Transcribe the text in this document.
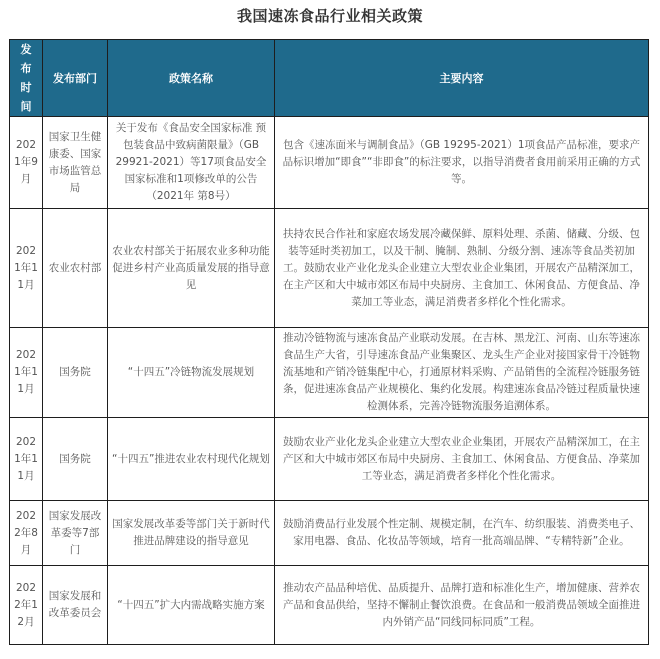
我国速冻食品行业相关政策
发布时间	发布部门	政策名称	主要内容
2021年9月	国家卫生健康委、国家市场监管总局	关于发布《食品安全国家标准 预包装食品中致病菌限量》（GB 29921-2021）等17项食品安全国家标准和1项修改单的公告（2021年 第8号）	包含《速冻面米与调制食品》（GB 19295-2021）1项食品产品标准，要求产品标识增加“即食”“非即食”的标注要求，以指导消费者食用前采用正确的方式等。
2021年11月	农业农村部	农业农村部关于拓展农业多种功能 促进乡村产业高质量发展的指导意见	扶持农民合作社和家庭农场发展冷藏保鲜、原料处理、杀菌、储藏、分级、包装等延时类初加工，以及干制、腌制、熟制、分级分割、速冻等食品类初加工。鼓励农业产业化龙头企业建立大型农业企业集团，开展农产品精深加工，在主产区和大中城市郊区布局中央厨房、主食加工、休闲食品、方便食品、净菜加工等业态，满足消费者多样化个性化需求。
2021年11月	国务院	“十四五”冷链物流发展规划	推动冷链物流与速冻食品产业联动发展。在吉林、黑龙江、河南、山东等速冻食品生产大省，引导速冻食品产业集聚区、龙头生产企业对接国家骨干冷链物流基地和产销冷链集配中心，打通原材料采购、产品销售的全流程冷链服务链条，促进速冻食品产业规模化、集约化发展。构建速冻食品冷链过程质量快速检测体系，完善冷链物流服务追溯体系。
2021年11月	国务院	“十四五”推进农业农村现代化规划	鼓励农业产业化龙头企业建立大型农业企业集团，开展农产品精深加工，在主产区和大中城市郊区布局中央厨房、主食加工、休闲食品、方便食品、净菜加工等业态，满足消费者多样化个性化需求。
2022年8月	国家发展改革委等7部门	国家发展改革委等部门关于新时代推进品牌建设的指导意见	鼓励消费品行业发展个性定制、规模定制，在汽车、纺织服装、消费类电子、家用电器、食品、化妆品等领域，培育一批高端品牌、“专精特新”企业。
2022年12月	国家发展和改革委员会	“十四五”扩大内需战略实施方案	推动农产品品种培优、品质提升、品牌打造和标准化生产，增加健康、营养农产品和食品供给，坚持不懈制止餐饮浪费。在食品和一般消费品领域全面推进内外销产品“同线同标同质”工程。
